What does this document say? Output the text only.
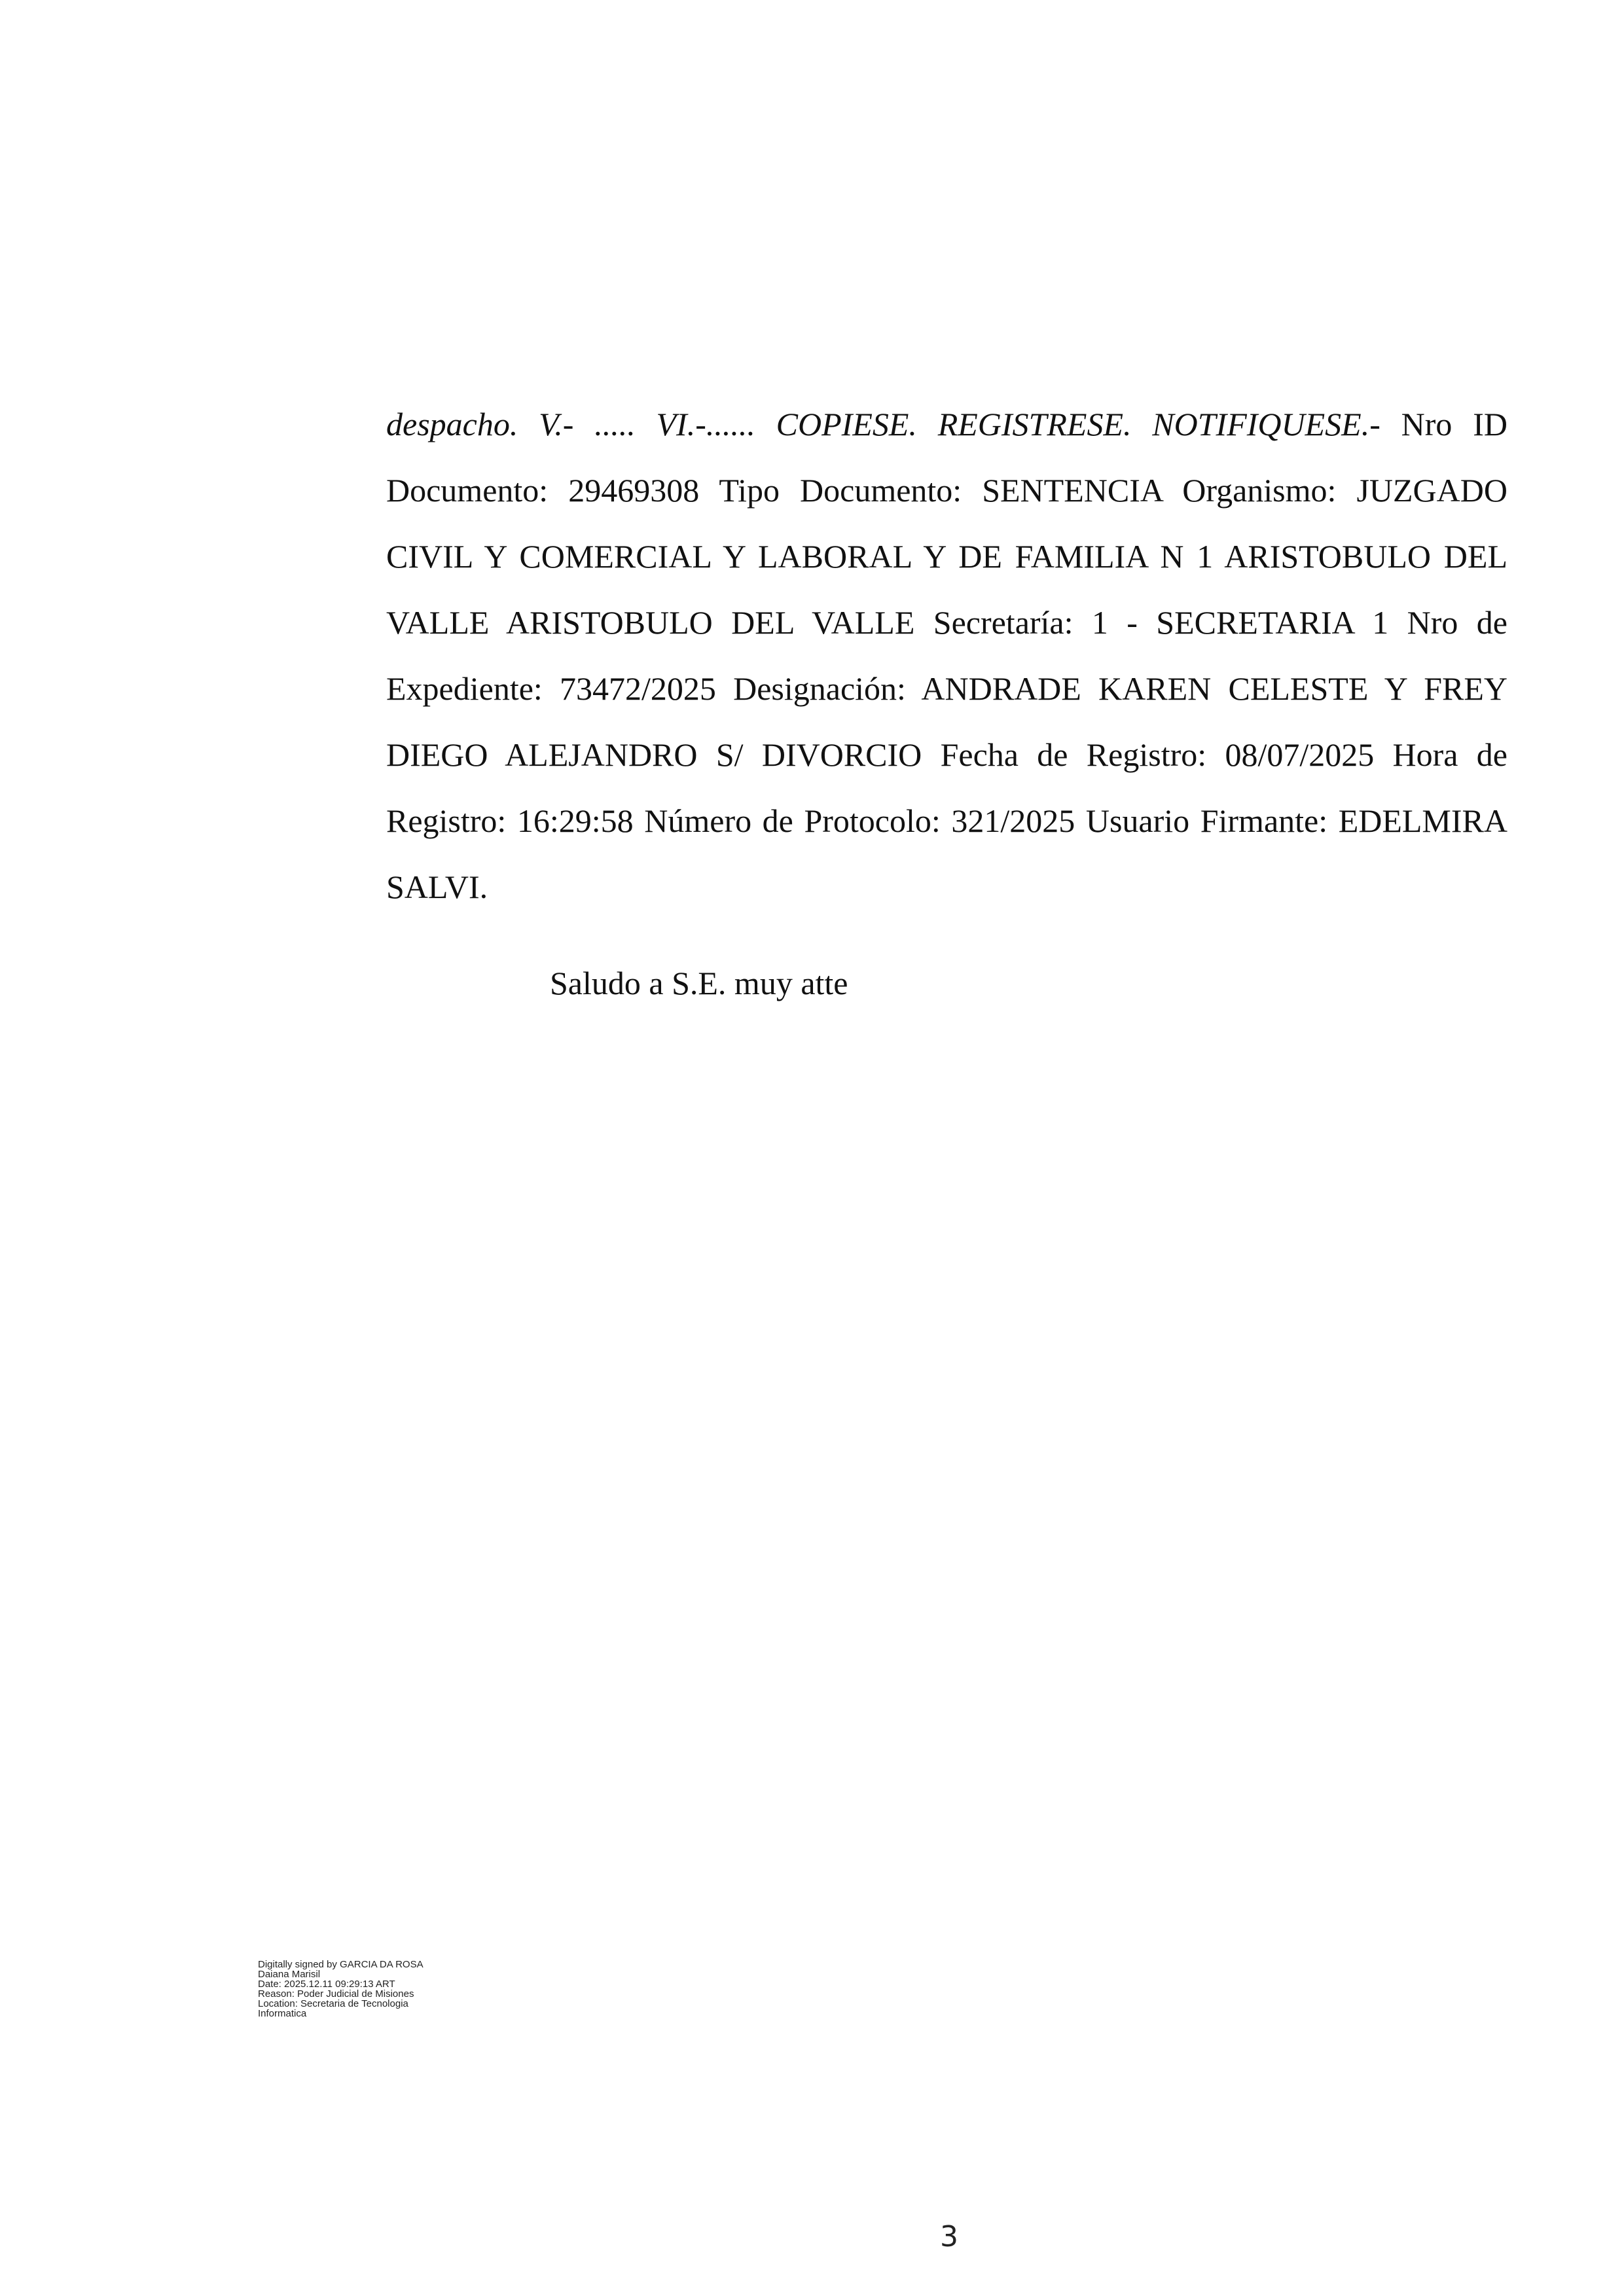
despacho. V.- ..... VI.-...... COPIESE. REGISTRESE. NOTIFIQUESE.- Nro ID Documento: 29469308 Tipo Documento: SENTENCIA Organismo: JUZGADO CIVIL Y COMERCIAL Y LABORAL Y DE FAMILIA N 1 ARISTOBULO DEL VALLE ARISTOBULO DEL VALLE Secretaría: 1 - SECRETARIA 1 Nro de Expediente: 73472/2025 Designación: ANDRADE KAREN CELESTE Y FREY DIEGO ALEJANDRO S/ DIVORCIO Fecha de Registro: 08/07/2025 Hora de Registro: 16:29:58 Número de Protocolo: 321/2025 Usuario Firmante: EDELMIRA SALVI.

Saludo a S.E. muy atte

Digitally signed by GARCIA DA ROSA
Daiana Marisil
Date: 2025.12.11 09:29:13 ART
Reason: Poder Judicial de Misiones
Location: Secretaria de Tecnologia
Informatica
3
